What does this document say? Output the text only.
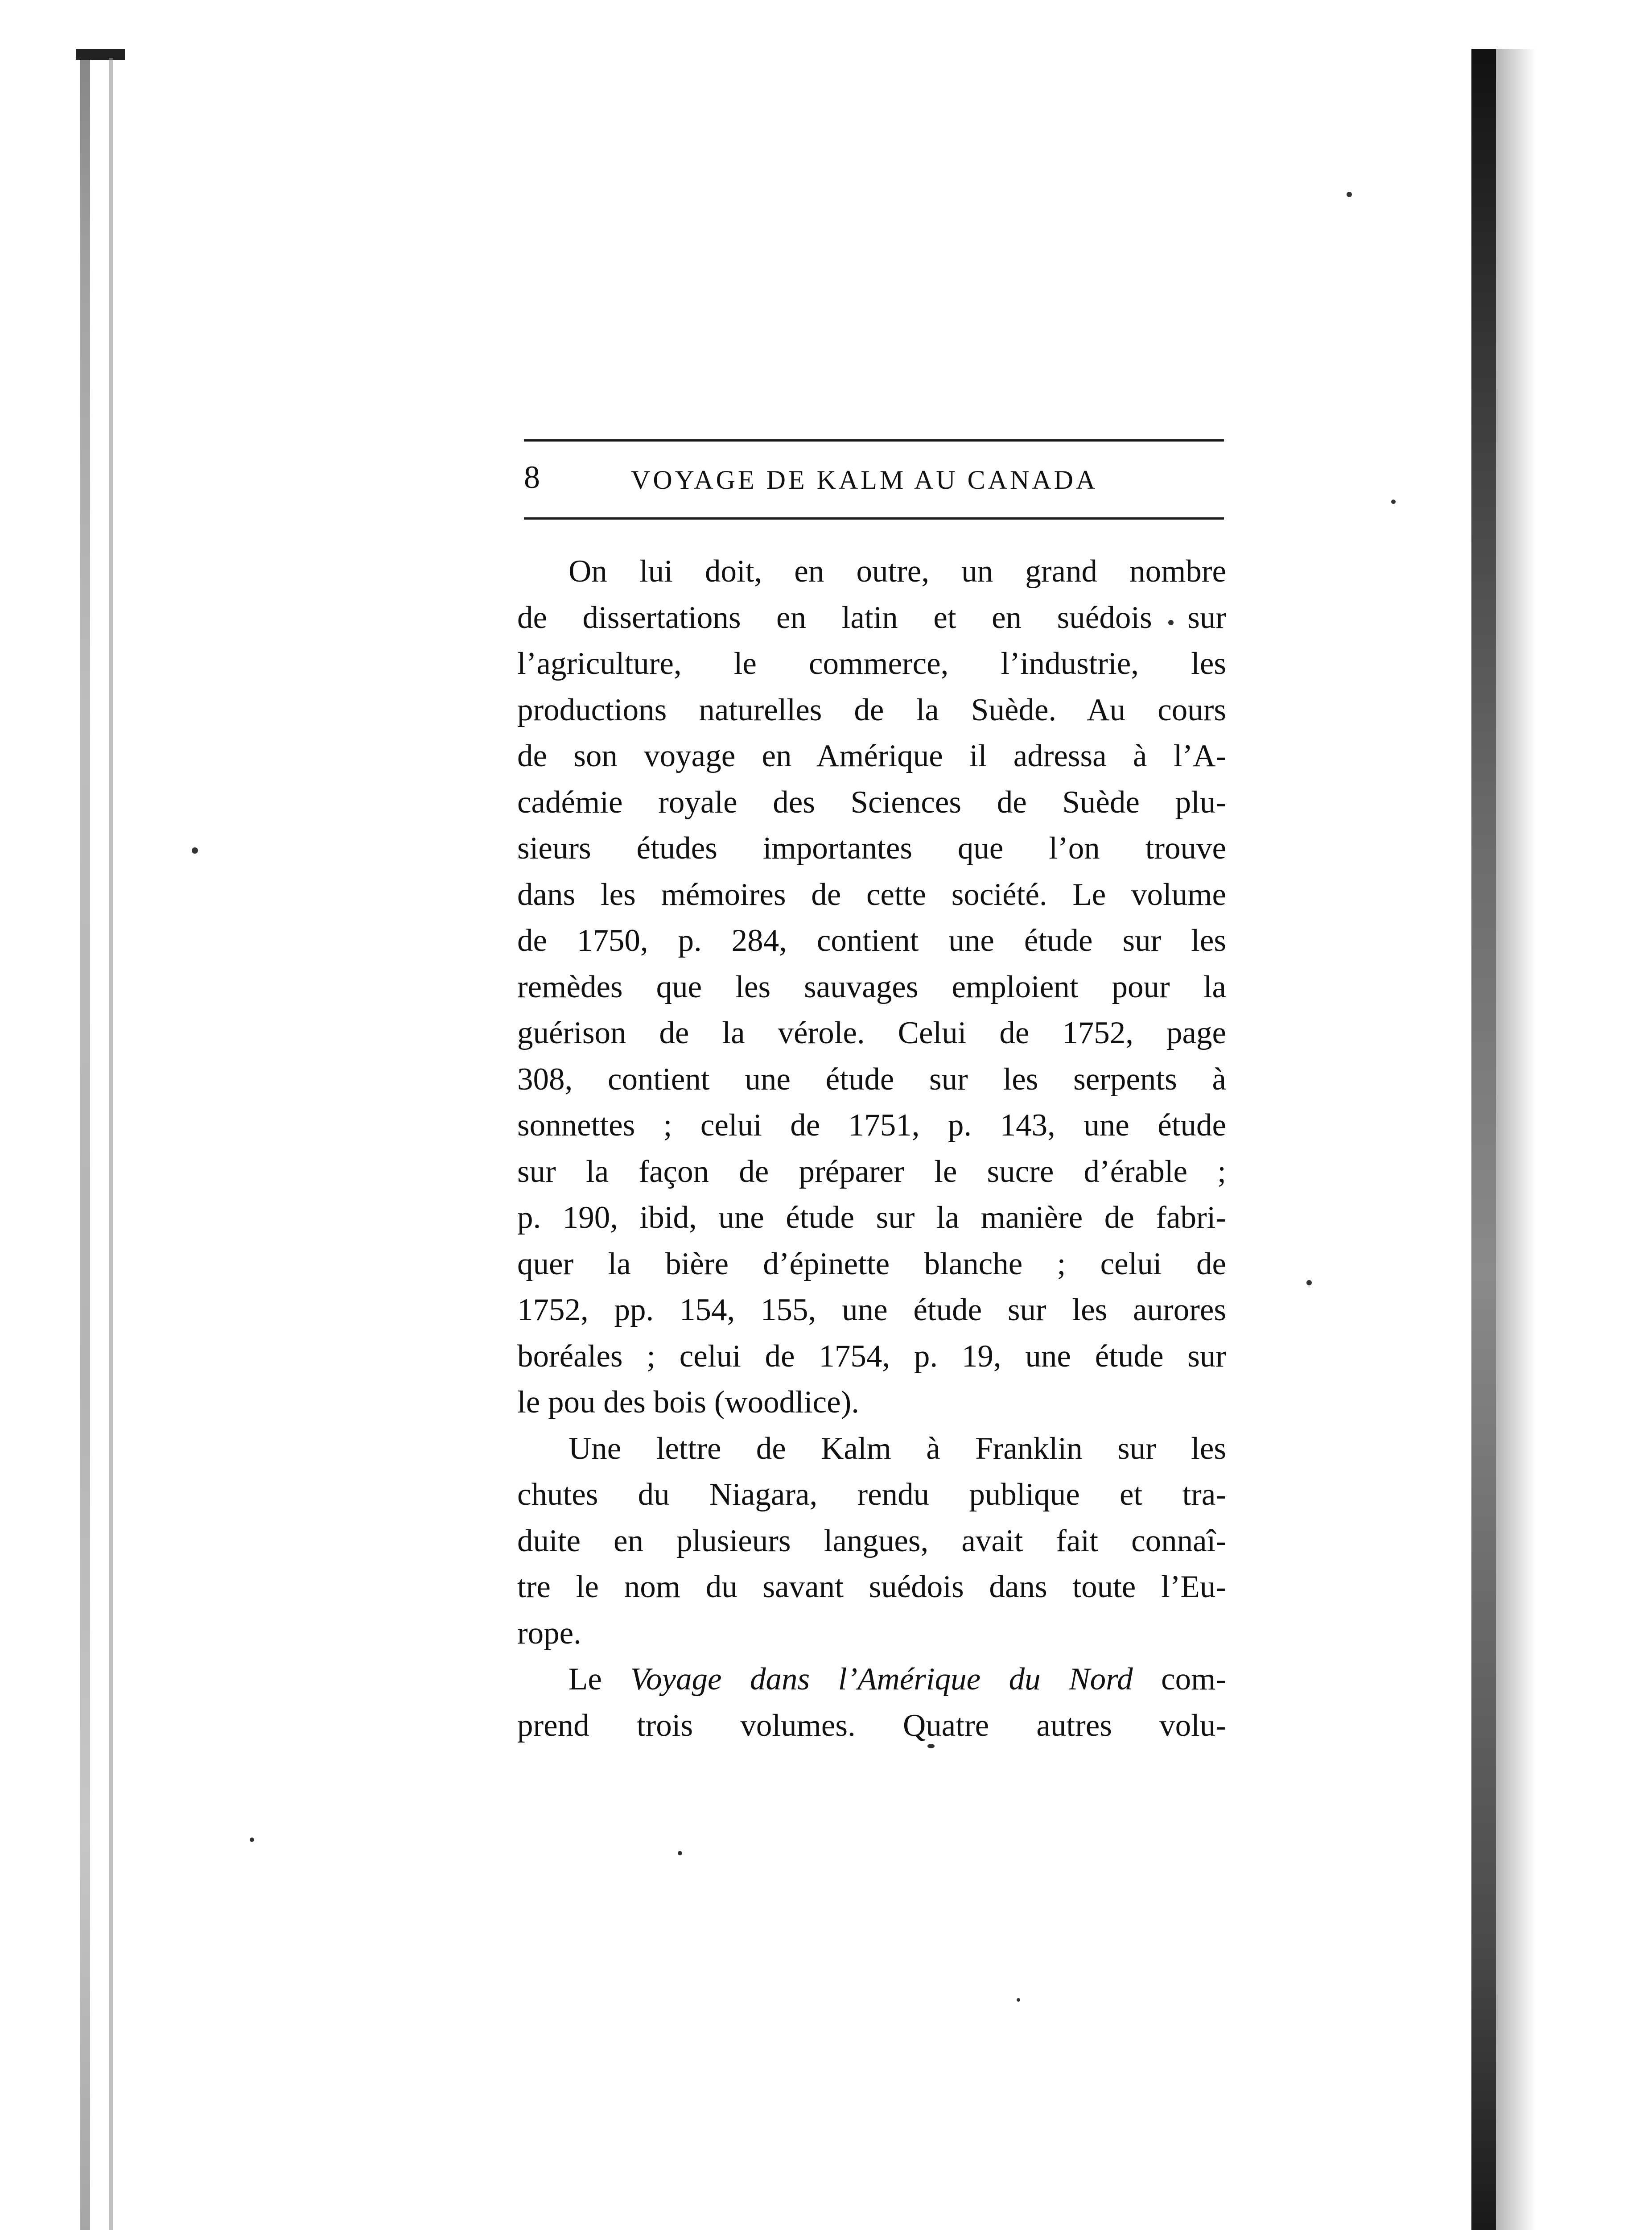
8	VOYAGE DE KALM AU CANADA
On lui doit, en outre, un grand nombre
de dissertations en latin et en suédois sur
l’agriculture, le commerce, l’industrie, les
productions naturelles de la Suède. Au cours
de son voyage en Amérique il adressa à l’A-
cadémie royale des Sciences de Suède plu-
sieurs études importantes que l’on trouve
dans les mémoires de cette société. Le volume
de 1750, p. 284, contient une étude sur les
remèdes que les sauvages emploient pour la
guérison de la vérole. Celui de 1752, page
308, contient une étude sur les serpents à
sonnettes ; celui de 1751, p. 143, une étude
sur la façon de préparer le sucre d’érable ;
p. 190, ibid, une étude sur la manière de fabri-
quer la bière d’épinette blanche ; celui de
1752, pp. 154, 155, une étude sur les aurores
boréales ; celui de 1754, p. 19, une étude sur
le pou des bois (woodlice).
Une lettre de Kalm à Franklin sur les
chutes du Niagara, rendu publique et tra-
duite en plusieurs langues, avait fait connaî-
tre le nom du savant suédois dans toute l’Eu-
rope.
Le Voyage dans l’Amérique du Nord com-
prend trois volumes. Quatre autres volu-
